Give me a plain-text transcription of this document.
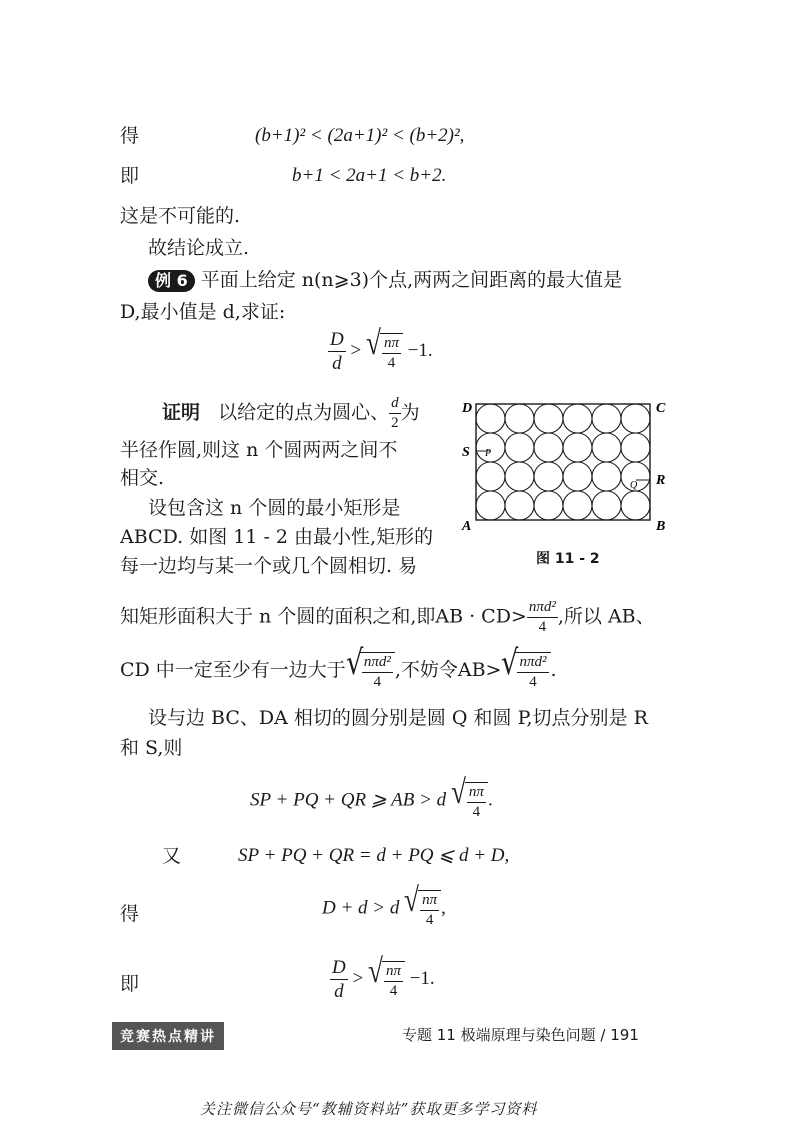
得	(b+1)² < (2a+1)² < (b+2)²,
即	b+1 < 2a+1 < b+2.
这是不可能的.
故结论成立.
例 6 平面上给定 n(n⩾3)个点,两两之间距离的最大值是
D,最小值是 d,求证:
$\frac{D}{d}$ > √ $\frac{n\pi}{4} -1$.
证明 以给定的点为圆心、 $\frac{d}{2}$ 为
半径作圆,则这 n 个圆两两之间不
相交.
设包含这 n 个圆的最小矩形是
ABCD. 如图 11 - 2 由最小性,矩形的
每一边均与某一个或几个圆相切. 易
D	C
A	B
S
R
P
Q
图 11 - 2
知矩形面积大于 n 个圆的面积之和,即AB · $CD> \frac{\text{nπd²}}{4}$ ,所以 AB、
CD 中一定至少有一边大于 √
$\frac{\text{nπd²}}{4}$ ,不妨令AB> √
$\frac{\text{nπd²}}{4}$ .
设与边 BC、DA 相切的圆分别是圆 Q 和圆 P,切点分别是 R
和 S,则
SP + PQ + QR ⩾ AB > d √ $\frac{n\pi}{4}$ .
又	SP + PQ + QR = d + PQ ⩽ d + D,
得	D + d > d √ $\frac{n\pi}{4}$ ,
即	$\frac{D}{d}$ > √ $\frac{n\pi}{4} -1$.
竞赛热点精讲	专题 11 极端原理与染色问题 / 191
关注微信公众号“教辅资料站”获取更多学习资料
